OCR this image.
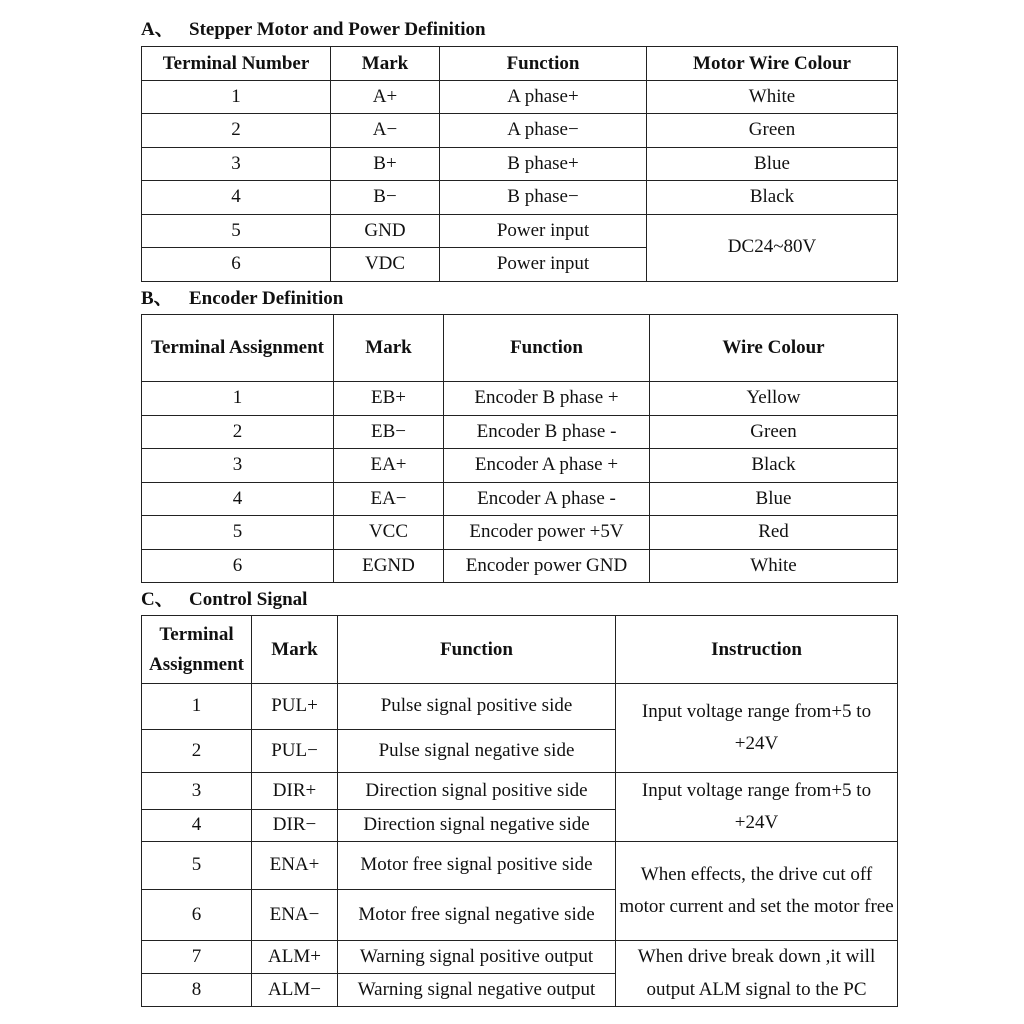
A、 Stepper Motor and Power Definition
Terminal Number	Mark	Function	Motor Wire Colour
1	A+	A phase+	White
2	A−	A phase−	Green
3	B+	B phase+	Blue
4	B−	B phase−	Black
5	GND	Power input	DC24~80V
6	VDC	Power input	
B、 Encoder Definition
Terminal Assignment	Mark	Function	Wire Colour
1	EB+	Encoder B phase +	Yellow
2	EB−	Encoder B phase -	Green
3	EA+	Encoder A phase +	Black
4	EA−	Encoder A phase -	Blue
5	VCC	Encoder power +5V	Red
6	EGND	Encoder power GND	White
C、 Control Signal
Terminal Assignment	Mark	Function	Instruction
1	PUL+	Pulse signal positive side	Input voltage range from+5 to +24V
2	PUL−	Pulse signal negative side	
3	DIR+	Direction signal positive side	Input voltage range from+5 to +24V
4	DIR−	Direction signal negative side	
5	ENA+	Motor free signal positive side	When effects, the drive cut off motor current and set the motor free
6	ENA−	Motor free signal negative side	
7	ALM+	Warning signal positive output	When drive break down ,it will output ALM signal to the PC
8	ALM−	Warning signal negative output	
